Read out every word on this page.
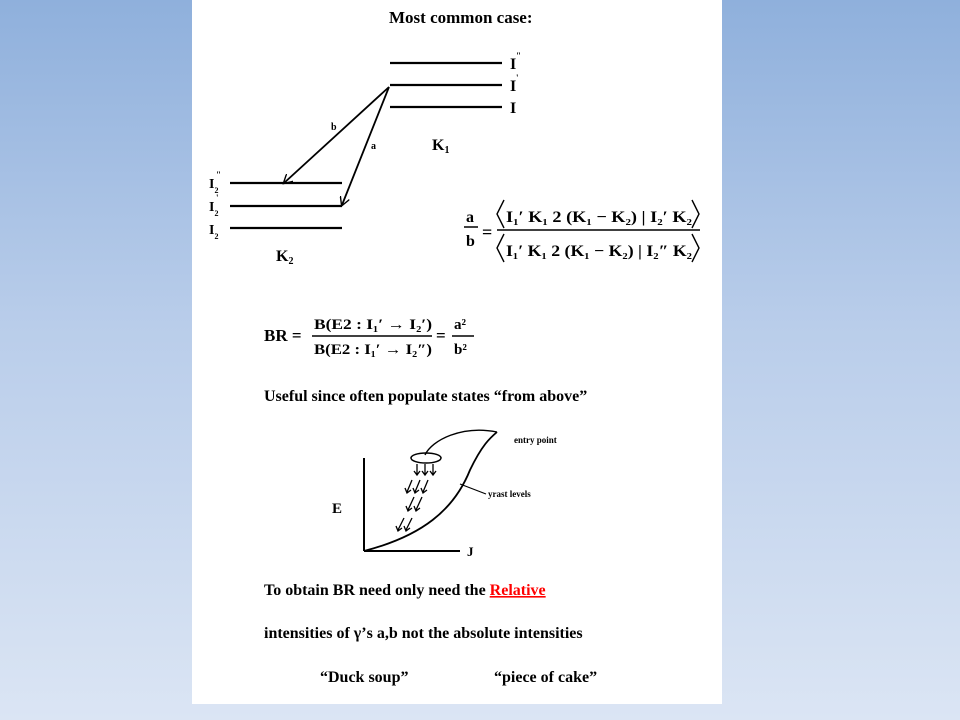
Most common case:
I "
I '
I
K1
$I_2$
"
$I_2$
'
$I_2$
K2
b
a
a
b =
I₁′ K₁ 2 (K₁ − K₂) | I₂′ K₂
I₁′ K₁ 2 (K₁ − K₂) | I₂″ K₂
BR =
B(E2 : I₁′ → I₂′)
B(E2 : I₁′ → I₂″)
=
a²
b²
Useful since often populate states “from above”
E
J
entry point
yrast levels
To obtain BR need only need the Relative
intensities of γ’s a,b not the absolute intensities
“Duck soup”	“piece of cake”
